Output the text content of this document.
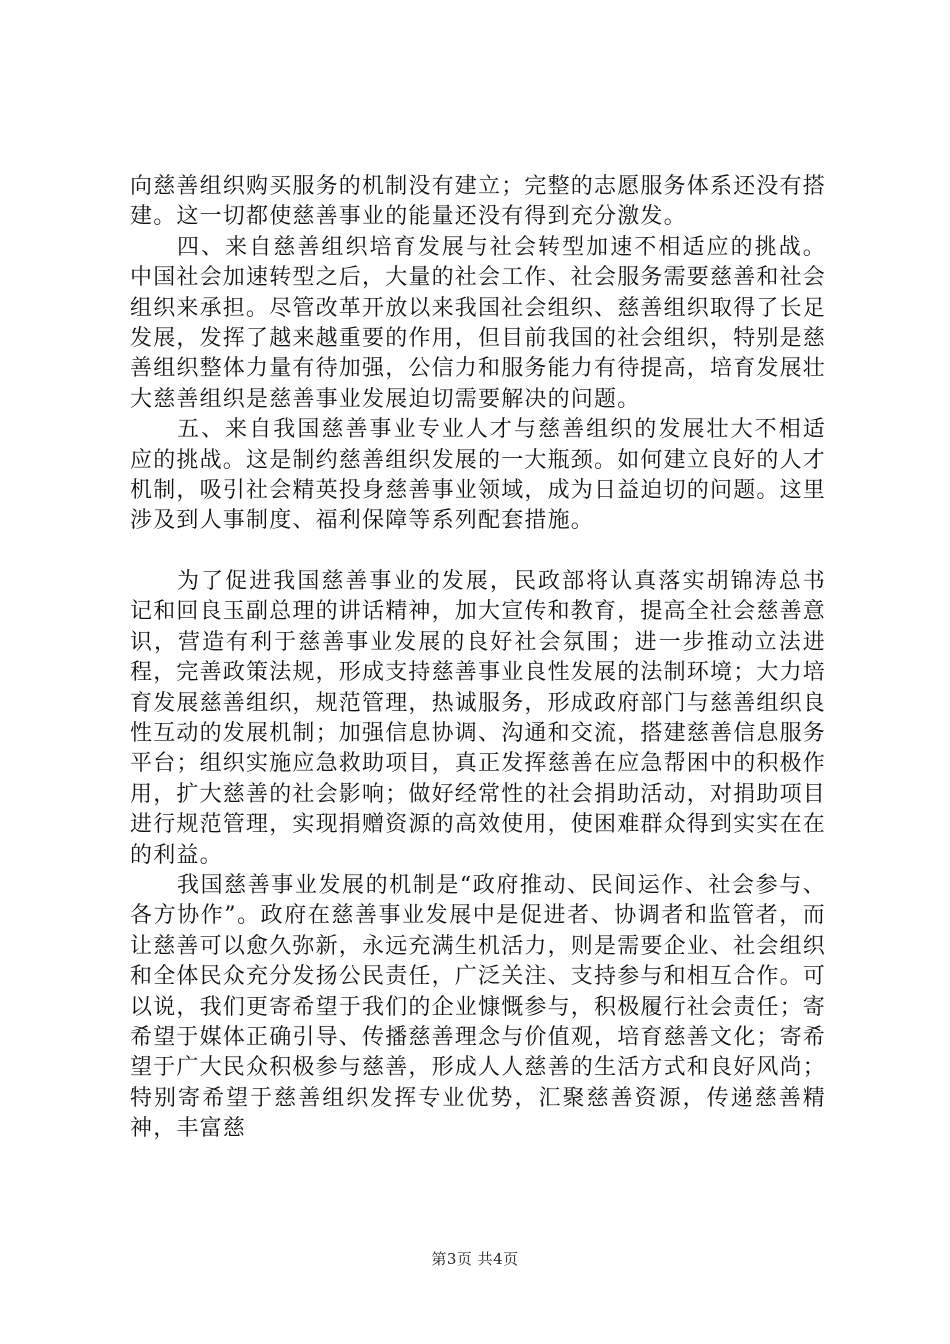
向慈善组织购买服务的机制没有建立；完整的志愿服务体系还没有搭建。这一切都使慈善事业的能量还没有得到充分激发。

四、来自慈善组织培育发展与社会转型加速不相适应的挑战。中国社会加速转型之后，大量的社会工作、社会服务需要慈善和社会组织来承担。尽管改革开放以来我国社会组织、慈善组织取得了长足发展，发挥了越来越重要的作用，但目前我国的社会组织，特别是慈善组织整体力量有待加强，公信力和服务能力有待提高，培育发展壮大慈善组织是慈善事业发展迫切需要解决的问题。

五、来自我国慈善事业专业人才与慈善组织的发展壮大不相适应的挑战。这是制约慈善组织发展的一大瓶颈。如何建立良好的人才机制，吸引社会精英投身慈善事业领域，成为日益迫切的问题。这里涉及到人事制度、福利保障等系列配套措施。

为了促进我国慈善事业的发展，民政部将认真落实胡锦涛总书记和回良玉副总理的讲话精神，加大宣传和教育，提高全社会慈善意识，营造有利于慈善事业发展的良好社会氛围；进一步推动立法进程，完善政策法规，形成支持慈善事业良性发展的法制环境；大力培育发展慈善组织，规范管理，热诚服务，形成政府部门与慈善组织良性互动的发展机制；加强信息协调、沟通和交流，搭建慈善信息服务平台；组织实施应急救助项目，真正发挥慈善在应急帮困中的积极作用，扩大慈善的社会影响；做好经常性的社会捐助活动，对捐助项目进行规范管理，实现捐赠资源的高效使用，使困难群众得到实实在在的利益。

我国慈善事业发展的机制是“政府推动、民间运作、社会参与、各方协作”。政府在慈善事业发展中是促进者、协调者和监管者，而让慈善可以愈久弥新，永远充满生机活力，则是需要企业、社会组织和全体民众充分发扬公民责任，广泛关注、支持参与和相互合作。可以说，我们更寄希望于我们的企业慷慨参与，积极履行社会责任；寄希望于媒体正确引导、传播慈善理念与价值观，培育慈善文化；寄希望于广大民众积极参与慈善，形成人人慈善的生活方式和良好风尚；特别寄希望于慈善组织发挥专业优势，汇聚慈善资源，传递慈善精神，丰富慈

第3页 共4页
